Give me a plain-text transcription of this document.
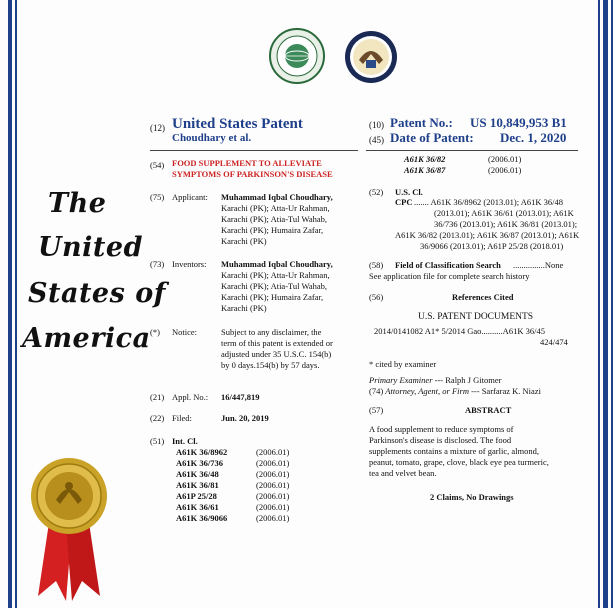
The
United
States of
America
(12) United States Patent
Choudhary et al.
(10) Patent No.: US 10,849,953 B1
(45) Date of Patent: Dec. 1, 2020
(54) FOOD SUPPLEMENT TO ALLEVIATE
SYMPTOMS OF PARKINSON'S DISEASE
(75) Applicant: Muhammad Iqbal Choudhary,
Karachi (PK); Atta-Ur Rahman,
Karachi (PK); Atia-Tul Wahab,
Karachi (PK); Humaira Zafar,
Karachi (PK)
(73) Inventors: Muhammad Iqbal Choudhary,
Karachi (PK); Atta-Ur Rahman,
Karachi (PK); Atia-Tul Wahab,
Karachi (PK); Humaira Zafar,
Karachi (PK)
(*) Notice:	Subject to any disclaimer, the
term of this patent is extended or
adjusted under 35 U.S.C. 154(b)
by 0 days.154(b) by 57 days.
(21) Appl. No.: 16/447,819
(22) Filed:	Jun. 20, 2019
(51) Int. Cl.
A61K 36/8962	(2006.01)
A61K 36/736	(2006.01)
A61K 36/48	(2006.01)
A61K 36/81	(2006.01)
A61P 25/28	(2006.01)
A61K 36/61	(2006.01)
A61K 36/9066	(2006.01)
A61K 36/82	(2006.01)
A61K 36/87	(2006.01)
(52) U.S. Cl.
CPC ....... A61K 36/8962 (2013.01); A61K 36/48
(2013.01); A61K 36/61 (2013.01); A61K
36/736 (2013.01); A61K 36/81 (2013.01);
A61K 36/82 (2013.01); A61K 36/87 (2013.01); A61K
36/9066 (2013.01); A61P 25/28 (2018.01)
(58) Field of Classification Search ...............None
See application file for complete search history
(56)	References Cited
U.S. PATENT DOCUMENTS
2014/0141082 A1* 5/2014 Gao..........A61K 36/45
424/474
* cited by examiner
Primary Examiner --- Ralph J Gitomer
(74) Attorney, Agent, or Firm --- Sarfaraz K. Niazi
(57)	ABSTRACT
A food supplement to reduce symptoms of
Parkinson's disease is disclosed. The food
supplements contains a mixture of garlic, almond,
peanut, tomato, grape, clove, black eye pea turmeric,
tea and velvet bean.
2 Claims, No Drawings
